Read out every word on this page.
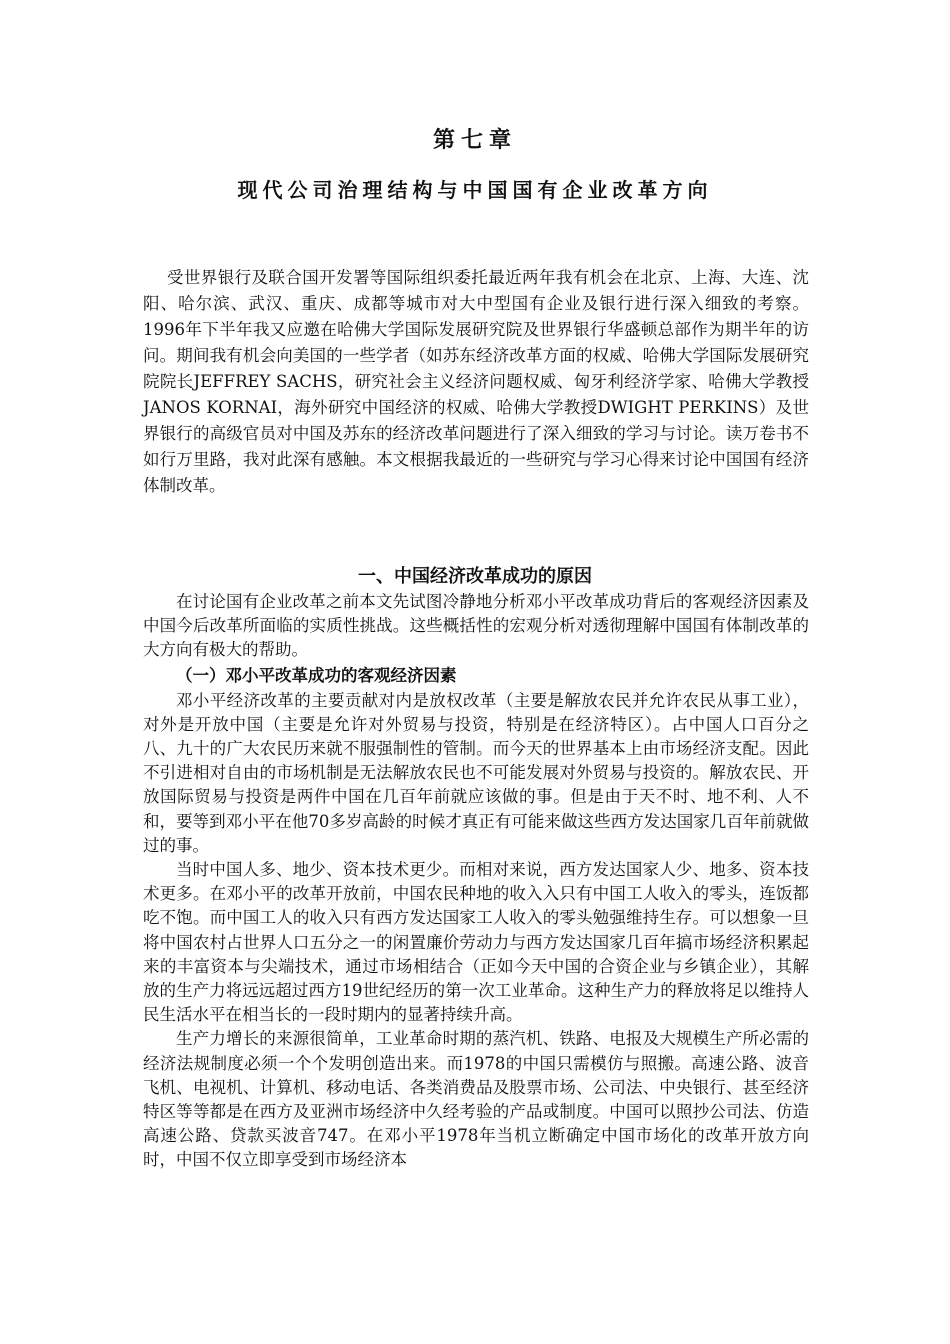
第七章
现代公司治理结构与中国国有企业改革方向

受世界银行及联合国开发署等国际组织委托最近两年我有机会在北京、上海、大连、沈阳、哈尔滨、武汉、重庆、成都等城市对大中型国有企业及银行进行深入细致的考察。1996年下半年我又应邀在哈佛大学国际发展研究院及世界银行华盛顿总部作为期半年的访问。期间我有机会向美国的一些学者（如苏东经济改革方面的权威、哈佛大学国际发展研究院院长JEFFREY SACHS，研究社会主义经济问题权威、匈牙利经济学家、哈佛大学教授JANOS KORNAI，海外研究中国经济的权威、哈佛大学教授DWIGHT PERKINS）及世界银行的高级官员对中国及苏东的经济改革问题进行了深入细致的学习与讨论。读万卷书不如行万里路，我对此深有感触。本文根据我最近的一些研究与学习心得来讨论中国国有经济体制改革。

一、中国经济改革成功的原因

在讨论国有企业改革之前本文先试图冷静地分析邓小平改革成功背后的客观经济因素及中国今后改革所面临的实质性挑战。这些概括性的宏观分析对透彻理解中国国有体制改革的大方向有极大的帮助。

（一）邓小平改革成功的客观经济因素

邓小平经济改革的主要贡献对内是放权改革（主要是解放农民并允许农民从事工业），对外是开放中国（主要是允许对外贸易与投资，特别是在经济特区）。占中国人口百分之八、九十的广大农民历来就不服强制性的管制。而今天的世界基本上由市场经济支配。因此不引进相对自由的市场机制是无法解放农民也不可能发展对外贸易与投资的。解放农民、开放国际贸易与投资是两件中国在几百年前就应该做的事。但是由于天不时、地不利、人不和，要等到邓小平在他70多岁高龄的时候才真正有可能来做这些西方发达国家几百年前就做过的事。

当时中国人多、地少、资本技术更少。而相对来说，西方发达国家人少、地多、资本技术更多。在邓小平的改革开放前，中国农民种地的收入入只有中国工人收入的零头，连饭都吃不饱。而中国工人的收入只有西方发达国家工人收入的零头勉强维持生存。可以想象一旦将中国农村占世界人口五分之一的闲置廉价劳动力与西方发达国家几百年搞市场经济积累起来的丰富资本与尖端技术，通过市场相结合（正如今天中国的合资企业与乡镇企业），其解放的生产力将远远超过西方19世纪经历的第一次工业革命。这种生产力的释放将足以维持人民生活水平在相当长的一段时期内的显著持续升高。

生产力增长的来源很简单，工业革命时期的蒸汽机、铁路、电报及大规模生产所必需的经济法规制度必须一个个发明创造出来。而1978的中国只需模仿与照搬。高速公路、波音飞机、电视机、计算机、移动电话、各类消费品及股票市场、公司法、中央银行、甚至经济特区等等都是在西方及亚洲市场经济中久经考验的产品或制度。中国可以照抄公司法、仿造高速公路、贷款买波音747。在邓小平1978年当机立断确定中国市场化的改革开放方向时，中国不仅立即享受到市场经济本
